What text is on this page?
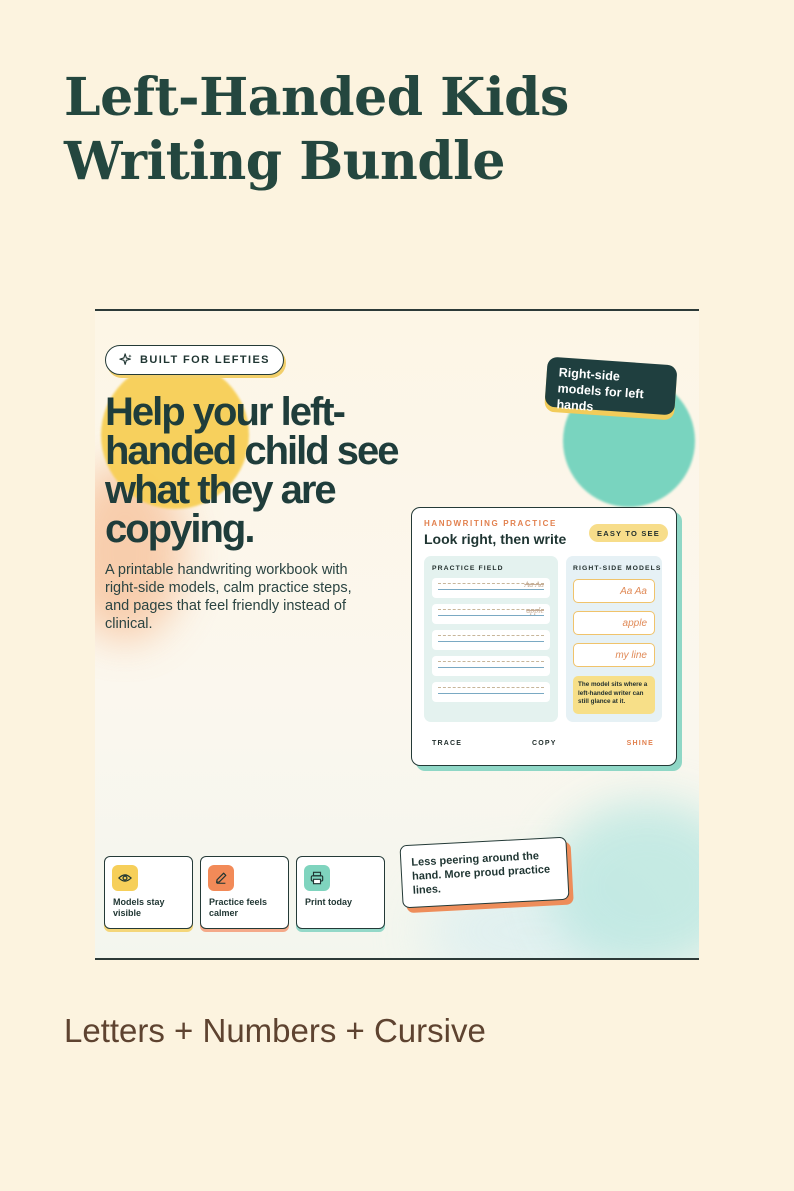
Left-Handed Kids
Writing Bundle
BUILT FOR LEFTIES
Right-side models for left hands
Help your left-handed child see what they are copying.
A printable handwriting workbook with right-side models, calm practice steps, and pages that feel friendly instead of clinical.
HANDWRITING PRACTICE
Look right, then write	EASY TO SEE
PRACTICE FIELD
Aa Aa
apple
RIGHT-SIDE MODELS
Aa Aa
apple
my line
The model sits where a left-handed writer can still glance at it.
TRACE	COPY	SHINE
Models stay visible
Practice feels calmer
Print today
Less peering around the hand. More proud practice lines.
Letters + Numbers + Cursive
